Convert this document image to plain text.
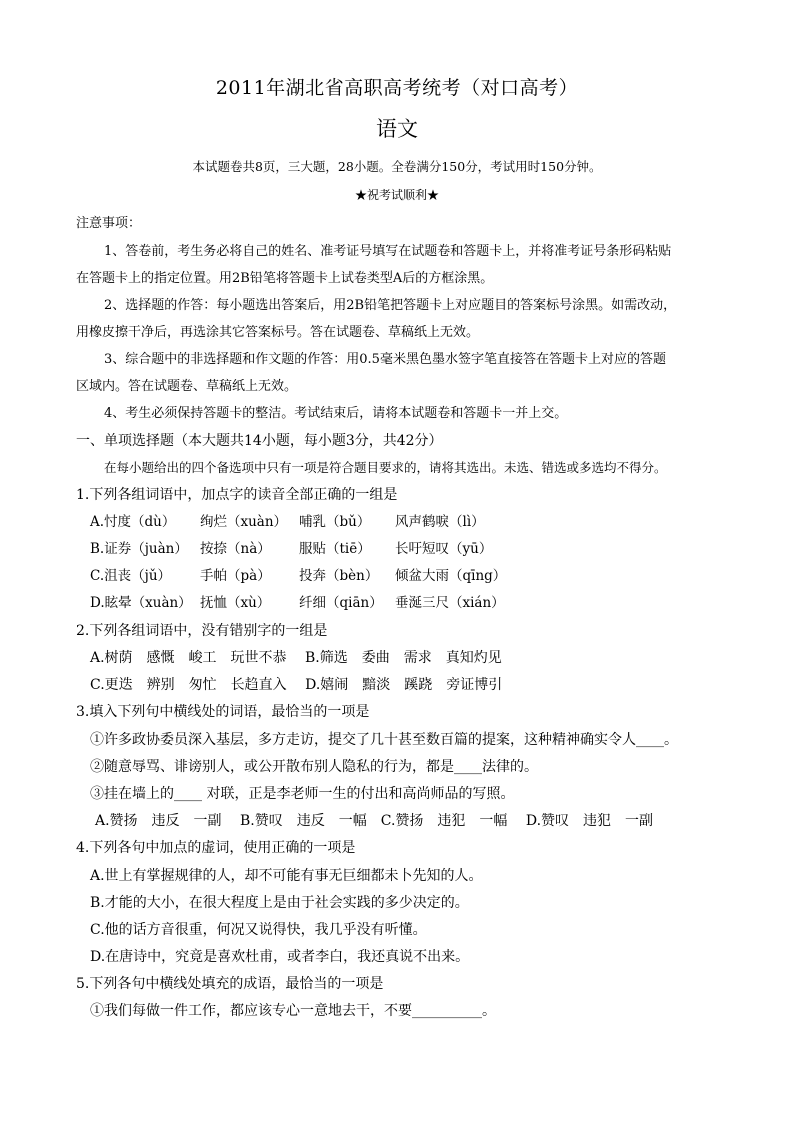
2011年湖北省高职高考统考（对口高考）
语文
本试题卷共8页，三大题，28小题。全卷满分150分，考试用时150分钟。
★祝考试顺利★
注意事项：
1、答卷前，考生务必将自己的姓名、准考证号填写在试题卷和答题卡上，并将准考证号条形码粘贴
在答题卡上的指定位置。用2B铅笔将答题卡上试卷类型A后的方框涂黑。
2、选择题的作答：每小题选出答案后，用2B铅笔把答题卡上对应题目的答案标号涂黑。如需改动，
用橡皮擦干净后，再选涂其它答案标号。答在试题卷、草稿纸上无效。
3、综合题中的非选择题和作文题的作答：用0.5毫米黑色墨水签字笔直接答在答题卡上对应的答题
区域内。答在试题卷、草稿纸上无效。
4、考生必须保持答题卡的整洁。考试结束后，请将本试题卷和答题卡一并上交。
一、单项选择题（本大题共14小题，每小题3分，共42分）
在每小题给出的四个备选项中只有一项是符合题目要求的，请将其选出。未选、错选或多选均不得分。
1.下列各组词语中，加点字的读音全部正确的一组是
A.忖度（dù） 绚烂（xuàn） 哺乳（bǔ） 风声鹤唳（lì）
B.证券（juàn） 按捺（nà） 服贴（tiē） 长吁短叹（yū）
C.沮丧（jǔ） 手帕（pà） 投奔（bèn） 倾盆大雨（qīng）
D.眩晕（xuàn） 抚恤（xù） 纤细（qiān） 垂涎三尺（xián）
2.下列各组词语中，没有错别字的一组是
A.树荫　感慨　峻工　玩世不恭　 B.筛选　委曲　需求　真知灼见
C.更迭　辨别　匆忙　长趋直入　 D.嬉闹　黯淡　蹊跷　旁证博引
3.填入下列句中横线处的词语，最恰当的一项是
①许多政协委员深入基层，多方走访，提交了几十甚至数百篇的提案，这种精神确实令人____。
②随意辱骂、诽谤别人，或公开散布别人隐私的行为，都是____法律的。
③挂在墙上的____ 对联，正是李老师一生的付出和高尚师品的写照。
A.赞扬　违反　一副　 B.赞叹　违反　一幅　C.赞扬　违犯　一幅　 D.赞叹　违犯　一副
4.下列各句中加点的虚词，使用正确的一项是
A.世上有掌握规律的人，却不可能有事无巨细都未卜先知的人。
B.才能的大小，在很大程度上是由于社会实践的多少决定的。
C.他的话方音很重，何况又说得快，我几乎没有听懂。
D.在唐诗中，究竟是喜欢杜甫，或者李白，我还真说不出来。
5.下列各句中横线处填充的成语，最恰当的一项是
①我们每做一件工作，都应该专心一意地去干，不要__________。
